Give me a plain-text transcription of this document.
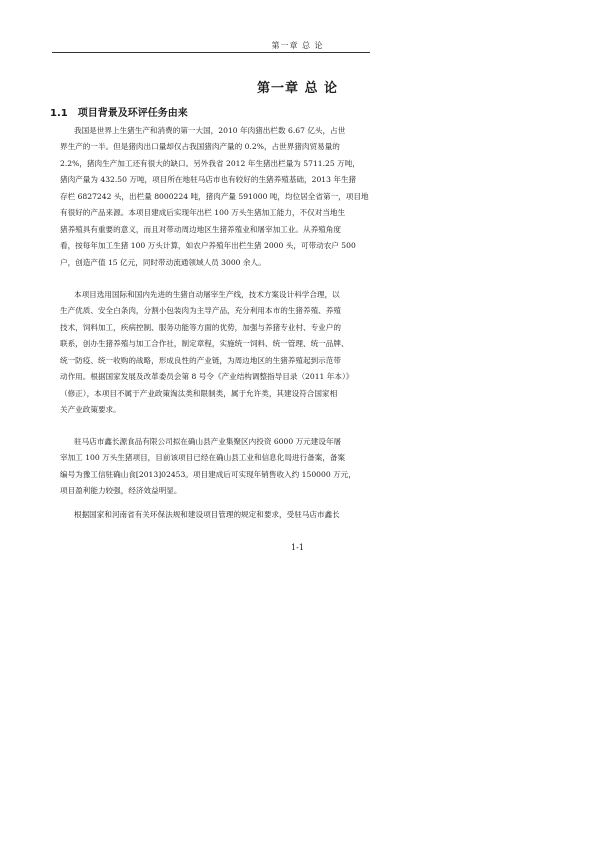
第一章 总 论
第一章 总 论
1.1 项目背景及环评任务由来
我国是世界上生猪生产和消费的第一大国，2010 年肉猪出栏数 6.67 亿头，占世
界生产的一半。但是猪肉出口量却仅占我国猪肉产量的 0.2%，占世界猪肉贸易量的
2.2%，猪肉生产加工还有很大的缺口。另外我省 2012 年生猪出栏量为 5711.25 万吨，
猪肉产量为 432.50 万吨，项目所在地驻马店市也有较好的生猪养殖基础，2013 年生猪
存栏 6827242 头，出栏量 8000224 吨，猪肉产量 591000 吨，均位居全省第一，项目地
有很好的产品来源。本项目建成后实现年出栏 100 万头生猪加工能力，不仅对当地生
猪养殖具有重要的意义，而且对带动周边地区生猪养殖业和屠宰加工业。从养殖角度
看，按每年加工生猪 100 万头计算，如农户养殖年出栏生猪 2000 头，可带动农户 500
户，创造产值 15 亿元，同时带动流通领域人员 3000 余人。
本项目选用国际和国内先进的生猪自动屠宰生产线，技术方案设计科学合理，以
生产优质、安全白条肉，分割小包装肉为主导产品，充分利用本市的生猪养殖、养殖
技术，饲料加工，疾病控制、服务功能等方面的优势，加强与养猪专业村、专业户的
联系，创办生猪养殖与加工合作社，制定章程，实施统一饲料、统一管理、统一品牌、
统一防疫、统一收购的战略，形成良性的产业链，为周边地区的生猪养殖起到示范带
动作用。根据国家发展及改革委员会第 8 号令《产业结构调整指导目录（2011 年本）》
（修正），本项目不属于产业政策淘汰类和限制类，属于允许类，其建设符合国家相
关产业政策要求。
驻马店市鑫长源食品有限公司拟在确山县产业集聚区内投资 6000 万元建设年屠
宰加工 100 万头生猪项目，目前该项目已经在确山县工业和信息化局进行备案，备案
编号为豫工信驻确山食[2013]02453。项目建成后可实现年销售收入约 150000 万元，
项目盈利能力较强，经济效益明显。
根据国家和河南省有关环保法规和建设项目管理的规定和要求，受驻马店市鑫长
1-1
